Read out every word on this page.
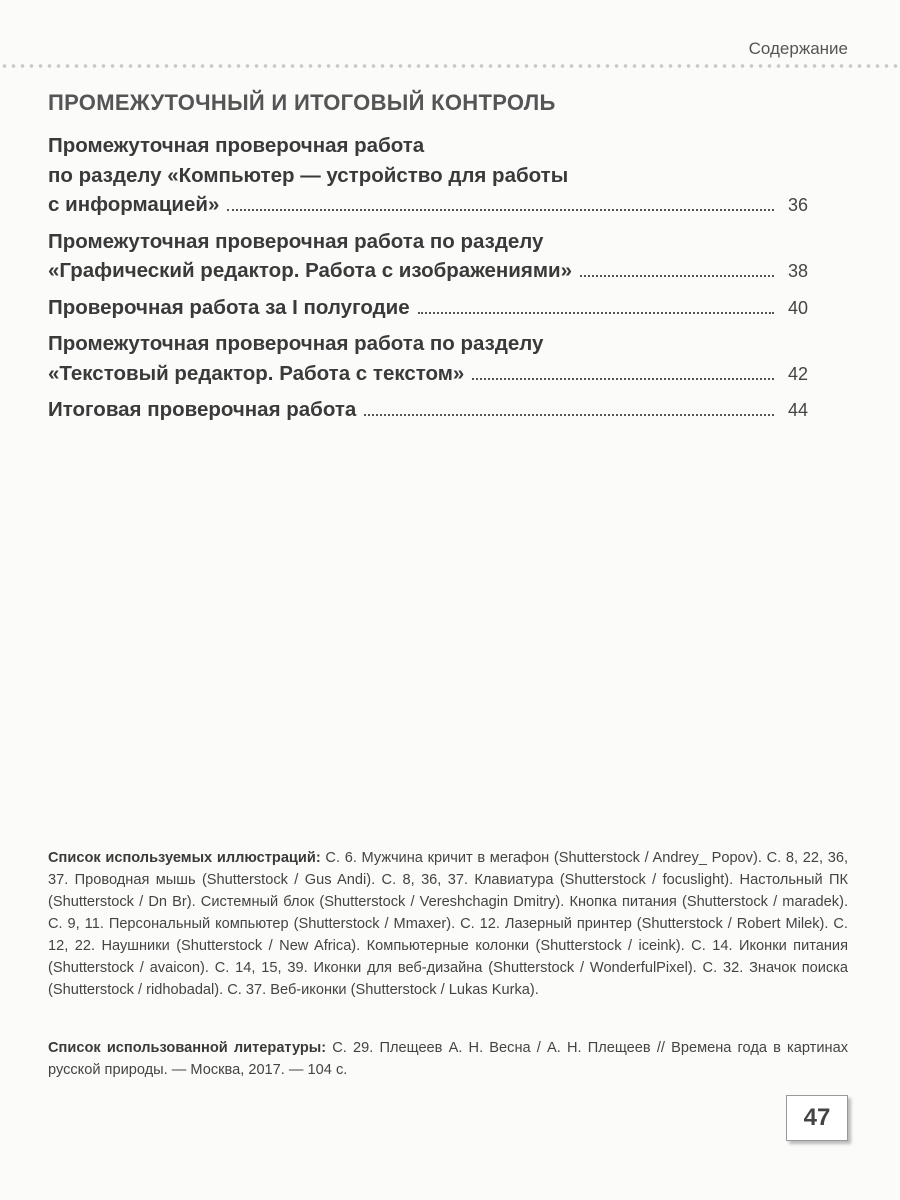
Содержание
ПРОМЕЖУТОЧНЫЙ И ИТОГОВЫЙ КОНТРОЛЬ
Промежуточная проверочная работа
по разделу «Компьютер — устройство для работы
с информацией»	36
Промежуточная проверочная работа по разделу
«Графический редактор. Работа с изображениями»	38
Проверочная работа за I полугодие	40
Промежуточная проверочная работа по разделу
«Текстовый редактор. Работа с текстом»	42
Итоговая проверочная работа	44
Список используемых иллюстраций: С. 6. Мужчина кричит в мегафон (Shutterstock / Andrey_ Popov). С. 8, 22, 36, 37. Проводная мышь (Shutterstock / Gus Andi). С. 8, 36, 37. Клавиатура (Shutterstock / focuslight). Настольный ПК (Shutterstock / Dn Br). Системный блок (Shutterstock / Vereshchagin Dmitry). Кнопка питания (Shutterstock / maradek). С. 9, 11. Персональный компьютер (Shutterstock / Mmaxer). С. 12. Лазерный принтер (Shutterstock / Robert Milek). С. 12, 22. Наушники (Shutterstock / New Africa). Компьютерные колонки (Shutterstock / iceink). С. 14. Иконки питания (Shutterstock / avaicon). С. 14, 15, 39. Иконки для веб-дизайна (Shutterstock / WonderfulPixel). С. 32. Значок поиска (Shutterstock / ridhobadal). С. 37. Веб-иконки (Shutterstock / Lukas Kurka).
Список использованной литературы: С. 29. Плещеев А. Н. Весна / А. Н. Плещеев // Времена года в картинах русской природы. — Москва, 2017. — 104 с.
47
